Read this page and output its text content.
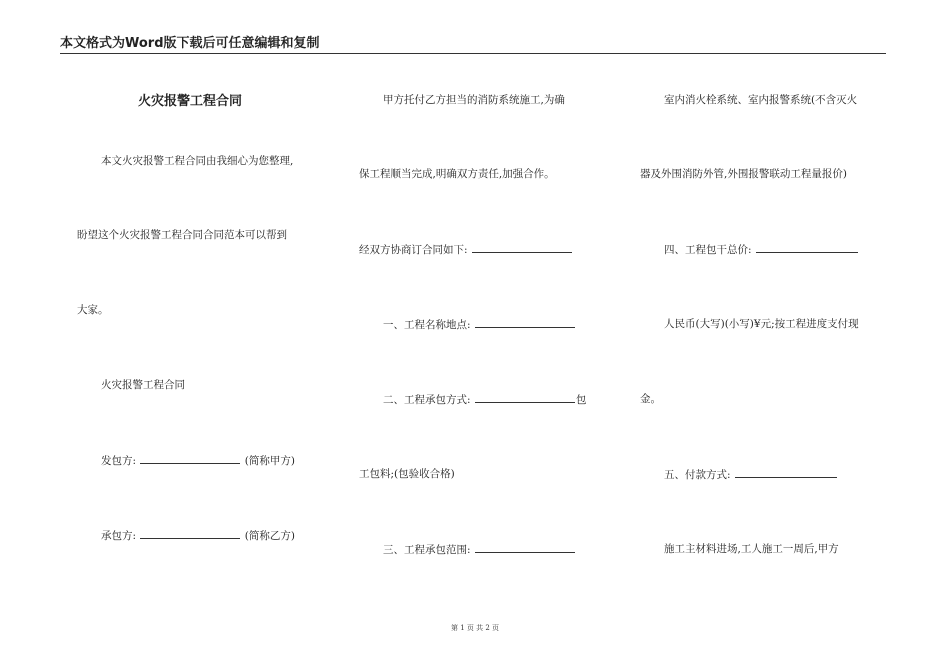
本文格式为Word版下载后可任意编辑和复制
火灾报警工程合同
本文火灾报警工程合同由我细心为您整理,
盼望这个火灾报警工程合同合同范本可以帮到
大家。
火灾报警工程合同
发包方:	(简称甲方)
承包方:	(简称乙方)
甲方托付乙方担当的消防系统施工,为确
保工程顺当完成,明确双方责任,加强合作。
经双方协商订合同如下:
一、工程名称地点:
二、工程承包方式:	包
工包料;(包验收合格)
三、工程承包范围:
室内消火栓系统、室内报警系统(不含灭火
器及外围消防外管,外围报警联动工程量报价)
四、工程包干总价:
人民币(大写)(小写)¥元;按工程进度支付现
金。
五、付款方式:
施工主材料进场,工人施工一周后,甲方
第 1 页 共 2 页
